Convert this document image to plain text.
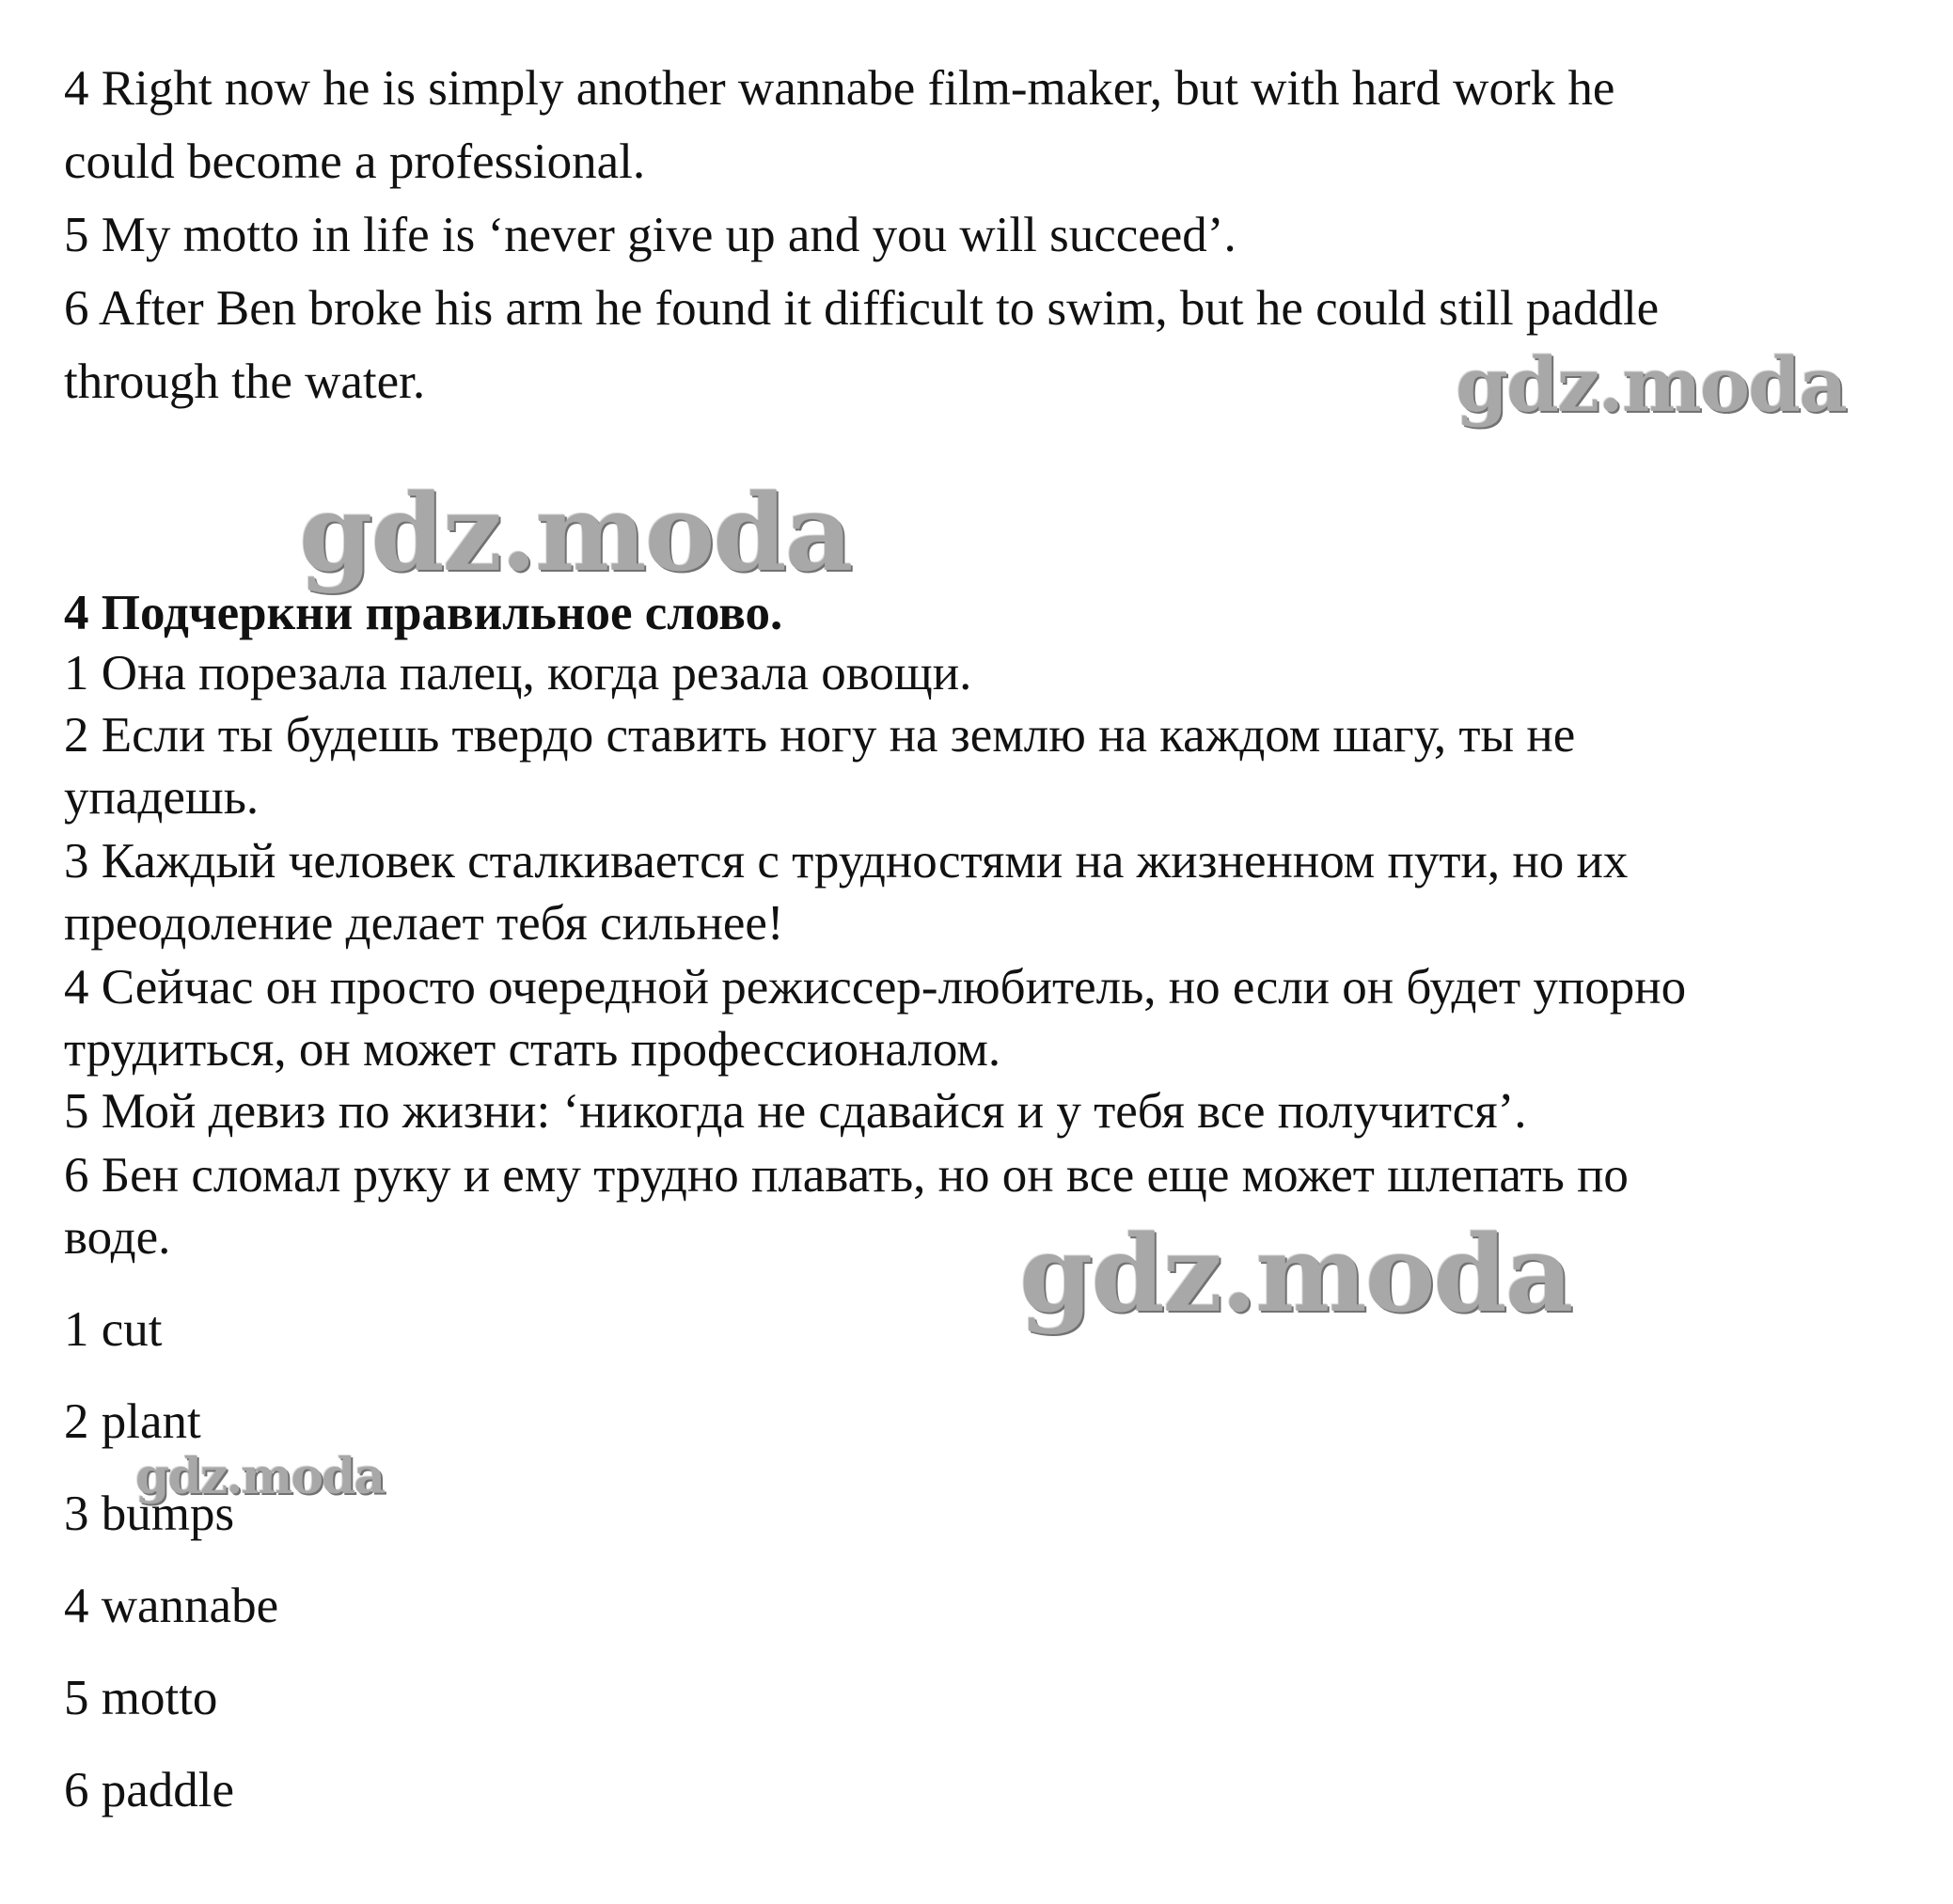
4 Right now he is simply another wannabe film-maker, but with hard work he
could become a professional.
5 My motto in life is ‘never give up and you will succeed’.
6 After Ben broke his arm he found it difficult to swim, but he could still paddle
through the water.
4 Подчеркни правильное слово.
1 Она порезала палец, когда резала овощи.
2 Если ты будешь твердо ставить ногу на землю на каждом шагу, ты не
упадешь.
3 Каждый человек сталкивается с трудностями на жизненном пути, но их
преодоление делает тебя сильнее!
4 Сейчас он просто очередной режиссер-любитель, но если он будет упорно
трудиться, он может стать профессионалом.
5 Мой девиз по жизни: ‘никогда не сдавайся и у тебя все получится’.
6 Бен сломал руку и ему трудно плавать, но он все еще может шлепать по
воде.
1 cut
2 plant
3 bumps
4 wannabe
5 motto
6 paddle
gdz.moda
gdz.moda
gdz.moda
gdz.moda
